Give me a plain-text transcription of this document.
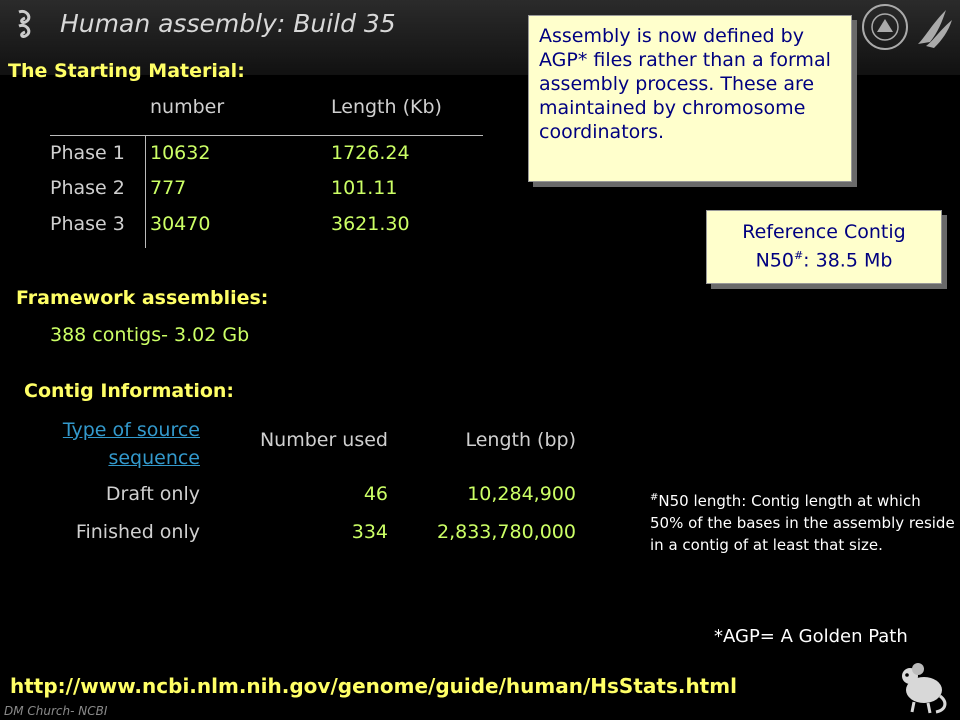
Human assembly: Build 35
The Starting Material:
number	Length (Kb)
Phase 1 10632	1726.24
Phase 2 777	101.11
Phase 3 30470	3621.30
Assembly is now defined by AGP* files rather than a formal assembly process. These are maintained by chromosome coordinators.
Reference Contig
N50#: 38.5 Mb
Framework assemblies:
388 contigs- 3.02 Gb
Contig Information:
Type of source
sequence
Number used	Length (bp)
Draft only	46	10,284,900
Finished only	334	2,833,780,000
#N50 length: Contig length at which 50% of the bases in the assembly reside in a contig of at least that size.
*AGP= A Golden Path
http://www.ncbi.nlm.nih.gov/genome/guide/human/HsStats.html
DM Church- NCBI
